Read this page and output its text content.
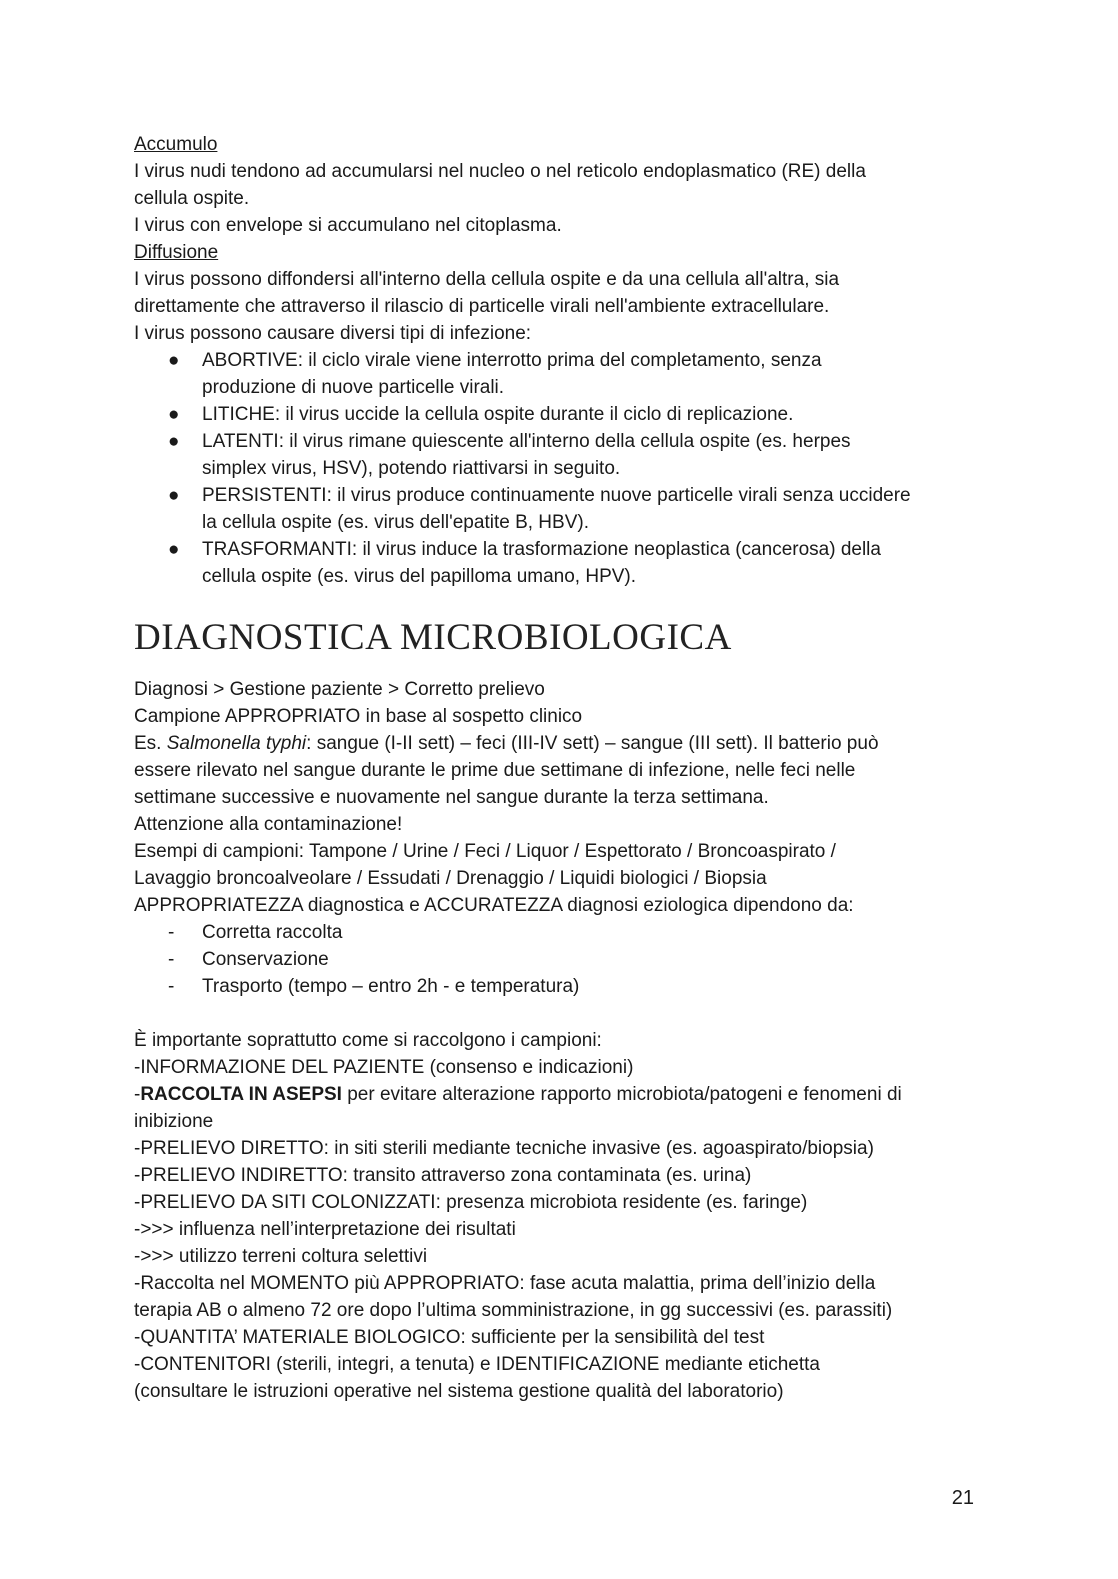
Accumulo
I virus nudi tendono ad accumularsi nel nucleo o nel reticolo endoplasmatico (RE) della
cellula ospite.
I virus con envelope si accumulano nel citoplasma.
Diffusione
I virus possono diffondersi all'interno della cellula ospite e da una cellula all'altra, sia
direttamente che attraverso il rilascio di particelle virali nell'ambiente extracellulare.
I virus possono causare diversi tipi di infezione:
● ABORTIVE: il ciclo virale viene interrotto prima del completamento, senza
produzione di nuove particelle virali.
● LITICHE: il virus uccide la cellula ospite durante il ciclo di replicazione.
● LATENTI: il virus rimane quiescente all'interno della cellula ospite (es. herpes
simplex virus, HSV), potendo riattivarsi in seguito.
● PERSISTENTI: il virus produce continuamente nuove particelle virali senza uccidere
la cellula ospite (es. virus dell'epatite B, HBV).
● TRASFORMANTI: il virus induce la trasformazione neoplastica (cancerosa) della
cellula ospite (es. virus del papilloma umano, HPV).
DIAGNOSTICA MICROBIOLOGICA
Diagnosi > Gestione paziente > Corretto prelievo
Campione APPROPRIATO in base al sospetto clinico
Es. Salmonella typhi: sangue (I-II sett) – feci (III-IV sett) – sangue (III sett). Il batterio può
essere rilevato nel sangue durante le prime due settimane di infezione, nelle feci nelle
settimane successive e nuovamente nel sangue durante la terza settimana.
Attenzione alla contaminazione!
Esempi di campioni: Tampone / Urine / Feci / Liquor / Espettorato / Broncoaspirato /
Lavaggio broncoalveolare / Essudati / Drenaggio / Liquidi biologici / Biopsia
APPROPRIATEZZA diagnostica e ACCURATEZZA diagnosi eziologica dipendono da:
- Corretta raccolta
- Conservazione
- Trasporto (tempo – entro 2h - e temperatura)
È importante soprattutto come si raccolgono i campioni:
-INFORMAZIONE DEL PAZIENTE (consenso e indicazioni)
-RACCOLTA IN ASEPSI per evitare alterazione rapporto microbiota/patogeni e fenomeni di
inibizione
-PRELIEVO DIRETTO: in siti sterili mediante tecniche invasive (es. agoaspirato/biopsia)
-PRELIEVO INDIRETTO: transito attraverso zona contaminata (es. urina)
-PRELIEVO DA SITI COLONIZZATI: presenza microbiota residente (es. faringe)
->>> influenza nell’interpretazione dei risultati
->>> utilizzo terreni coltura selettivi
-Raccolta nel MOMENTO più APPROPRIATO: fase acuta malattia, prima dell’inizio della
terapia AB o almeno 72 ore dopo l’ultima somministrazione, in gg successivi (es. parassiti)
-QUANTITA’ MATERIALE BIOLOGICO: sufficiente per la sensibilità del test
-CONTENITORI (sterili, integri, a tenuta) e IDENTIFICAZIONE mediante etichetta
(consultare le istruzioni operative nel sistema gestione qualità del laboratorio)
21
